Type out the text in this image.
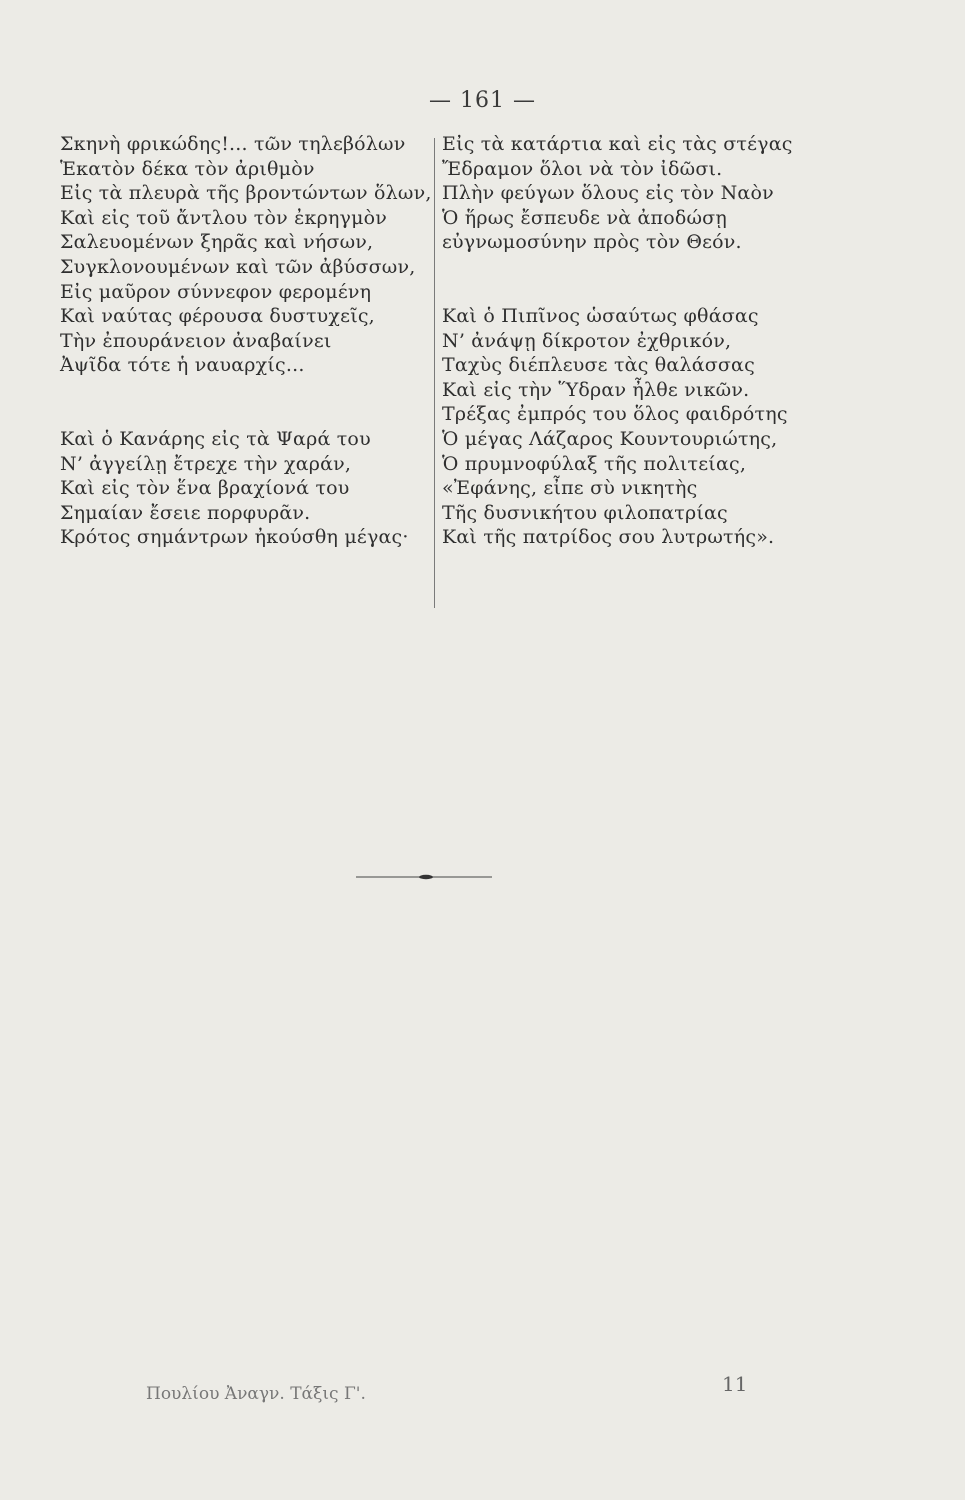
— 161 —
Σκηνὴ φρικώδης!... τῶν τηλεβόλων
Ἑκατὸν δέκα τὸν ἀριθμὸν
Εἰς τὰ πλευρὰ τῆς βροντώντων ὅλων,
Καὶ εἰς τοῦ ἄντλου τὸν ἐκρηγμὸν
Σαλευομένων ξηρᾶς καὶ νήσων,
Συγκλονουμένων καὶ τῶν ἀβύσσων,
Εἰς μαῦρον σύννεφον φερομένη
Καὶ ναύτας φέρουσα δυστυχεῖς,
Τὴν ἐπουράνειον ἀναβαίνει
Ἀψῖδα τότε ἡ ναυαρχίς...
Καὶ ὁ Κανάρης εἰς τὰ Ψαρά του
Ν’ ἀγγείλῃ ἔτρεχε τὴν χαράν,
Καὶ εἰς τὸν ἕνα βραχίονά του
Σημαίαν ἔσειε πορφυρᾶν.
Κρότος σημάντρων ἠκούσθη μέγας·
Εἰς τὰ κατάρτια καὶ εἰς τὰς στέγας
Ἔδραμον ὅλοι νὰ τὸν ἰδῶσι.
Πλὴν φεύγων ὅλους εἰς τὸν Ναὸν
Ὁ ἥρως ἔσπευδε νὰ ἀποδώσῃ
εὐγνωμοσύνην πρὸς τὸν Θεόν.
Καὶ ὁ Πιπῖνος ὡσαύτως φθάσας
Ν’ ἀνάψῃ δίκροτον ἐχθρικόν,
Ταχὺς διέπλευσε τὰς θαλάσσας
Καὶ εἰς τὴν Ὕδραν ἦλθε νικῶν.
Τρέξας ἐμπρός του ὅλος φαιδρότης
Ὁ μέγας Λάζαρος Κουντουριώτης,
Ὁ πρυμνοφύλαξ τῆς πολιτείας,
«Ἐφάνης, εἶπε σὺ νικητὴς
Τῆς δυσνικήτου φιλοπατρίας
Καὶ τῆς πατρίδος σου λυτρωτής».
Πουλίου Ἀναγν. Τάξις Γ'.	11
